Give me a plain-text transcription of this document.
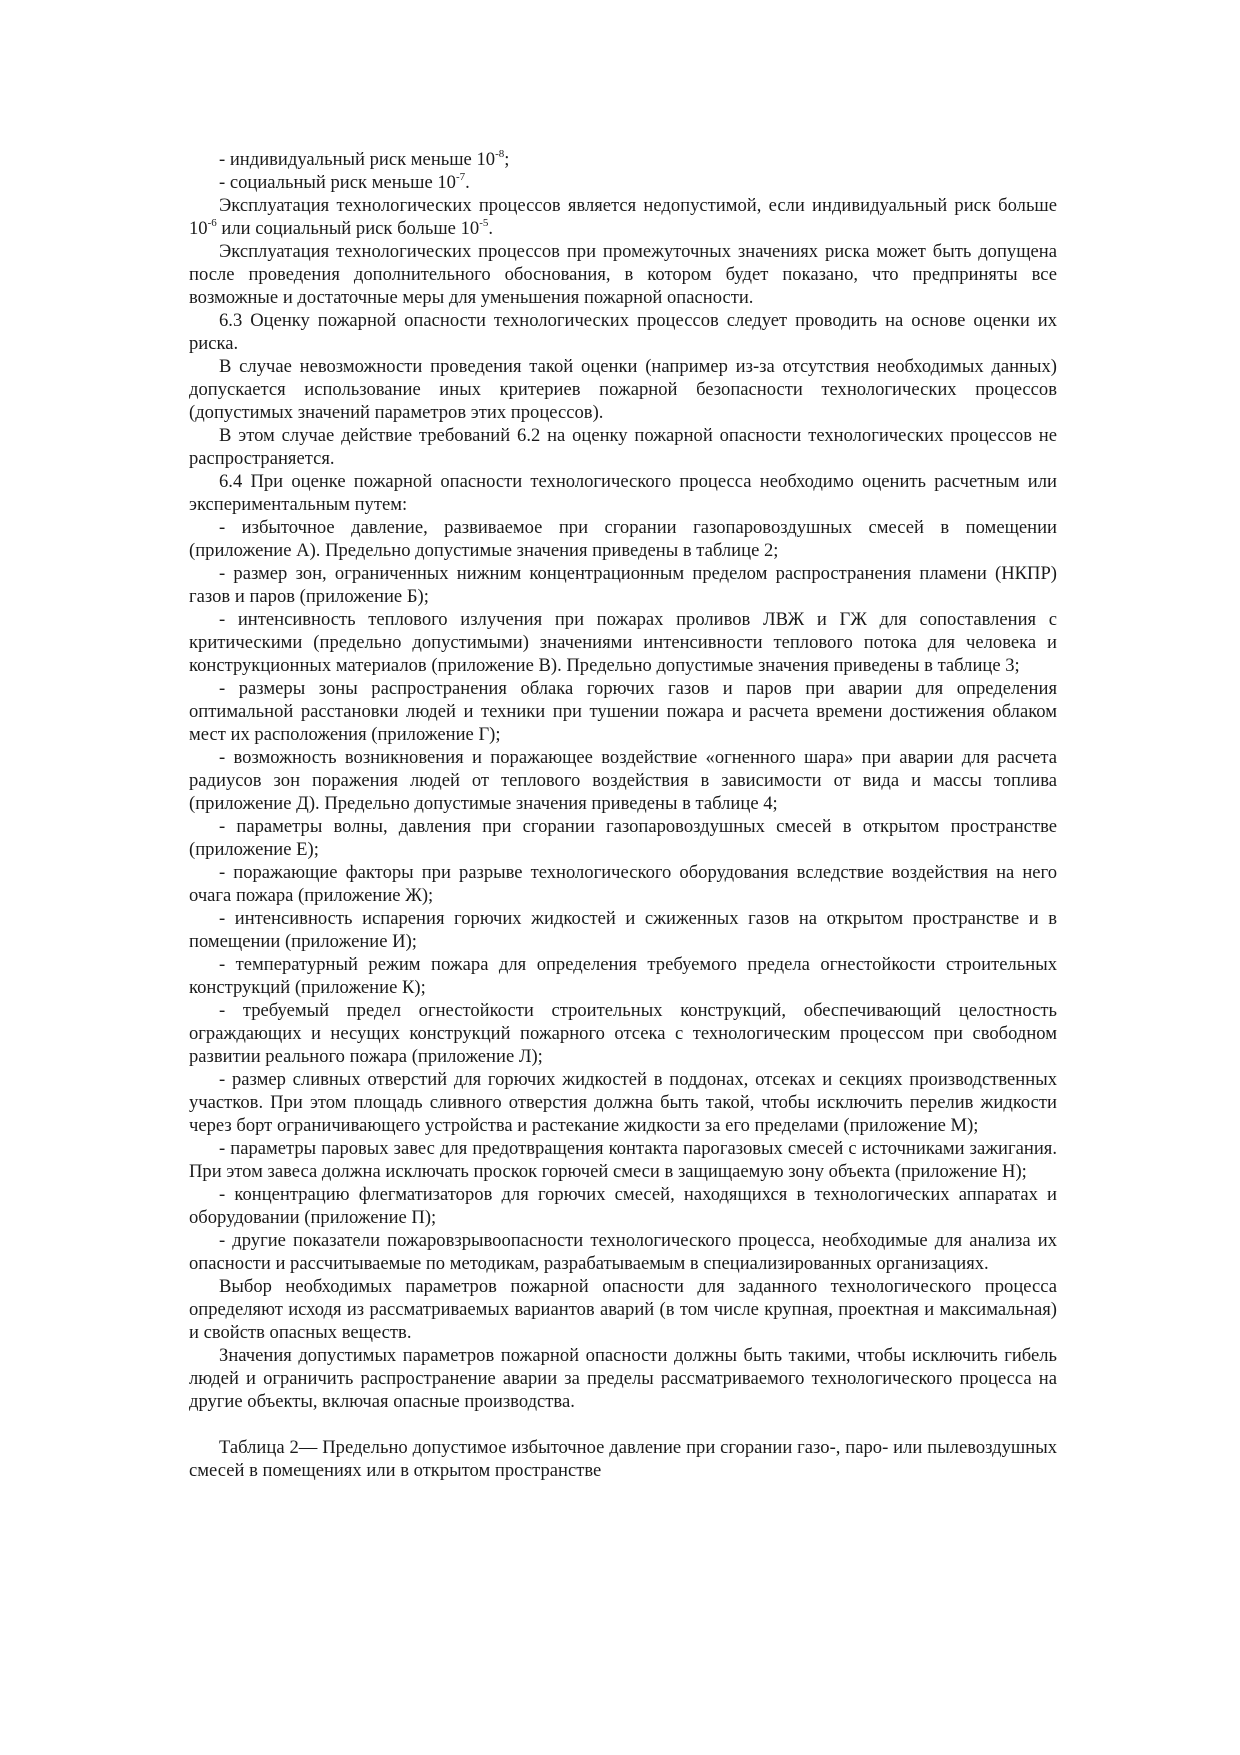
- индивидуальный риск меньше $10^{-8}$;

- социальный риск меньше $10^{-7}$.

Эксплуатация технологических процессов является недопустимой, если индивидуальный риск больше $10^{-6}$ или социальный риск больше $10^{-5}$.

Эксплуатация технологических процессов при промежуточных значениях риска может быть допущена после проведения дополнительного обоснования, в котором будет показано, что предприняты все возможные и достаточные меры для уменьшения пожарной опасности.

6.3 Оценку пожарной опасности технологических процессов следует проводить на основе оценки их риска.

В случае невозможности проведения такой оценки (например из-за отсутствия необходимых данных) допускается использование иных критериев пожарной безопасности технологических процессов (допустимых значений параметров этих процессов).

В этом случае действие требований 6.2 на оценку пожарной опасности технологических процессов не распространяется.

6.4 При оценке пожарной опасности технологического процесса необходимо оценить расчетным или экспериментальным путем:

- избыточное давление, развиваемое при сгорании газопаровоздушных смесей в помещении (приложение А). Предельно допустимые значения приведены в таблице 2;

- размер зон, ограниченных нижним концентрационным пределом распространения пламени (НКПР) газов и паров (приложение Б);

- интенсивность теплового излучения при пожарах проливов ЛВЖ и ГЖ для сопоставления с критическими (предельно допустимыми) значениями интенсивности теплового потока для человека и конструкционных материалов (приложение В). Предельно допустимые значения приведены в таблице 3;

- размеры зоны распространения облака горючих газов и паров при аварии для определения оптимальной расстановки людей и техники при тушении пожара и расчета времени достижения облаком мест их расположения (приложение Г);

- возможность возникновения и поражающее воздействие «огненного шара» при аварии для расчета радиусов зон поражения людей от теплового воздействия в зависимости от вида и массы топлива (приложение Д). Предельно допустимые значения приведены в таблице 4;

- параметры волны, давления при сгорании газопаровоздушных смесей в открытом пространстве (приложение Е);

- поражающие факторы при разрыве технологического оборудования вследствие воздействия на него очага пожара (приложение Ж);

- интенсивность испарения горючих жидкостей и сжиженных газов на открытом пространстве и в помещении (приложение И);

- температурный режим пожара для определения требуемого предела огнестойкости строительных конструкций (приложение К);

- требуемый предел огнестойкости строительных конструкций, обеспечивающий целостность ограждающих и несущих конструкций пожарного отсека с технологическим процессом при свободном развитии реального пожара (приложение Л);

- размер сливных отверстий для горючих жидкостей в поддонах, отсеках и секциях производственных участков. При этом площадь сливного отверстия должна быть такой, чтобы исключить перелив жидкости через борт ограничивающего устройства и растекание жидкости за его пределами (приложение М);

- параметры паровых завес для предотвращения контакта парогазовых смесей с источниками зажигания. При этом завеса должна исключать проскок горючей смеси в защищаемую зону объекта (приложение Н);

- концентрацию флегматизаторов для горючих смесей, находящихся в технологических аппаратах и оборудовании (приложение П);

- другие показатели пожаровзрывоопасности технологического процесса, необходимые для анализа их опасности и рассчитываемые по методикам, разрабатываемым в специализированных организациях.

Выбор необходимых параметров пожарной опасности для заданного технологического процесса определяют исходя из рассматриваемых вариантов аварий (в том числе крупная, проектная и максимальная) и свойств опасных веществ.

Значения допустимых параметров пожарной опасности должны быть такими, чтобы исключить гибель людей и ограничить распространение аварии за пределы рассматриваемого технологического процесса на другие объекты, включая опасные производства.

Таблица 2— Предельно допустимое избыточное давление при сгорании газо-, паро- или пылевоздушных смесей в помещениях или в открытом пространстве
